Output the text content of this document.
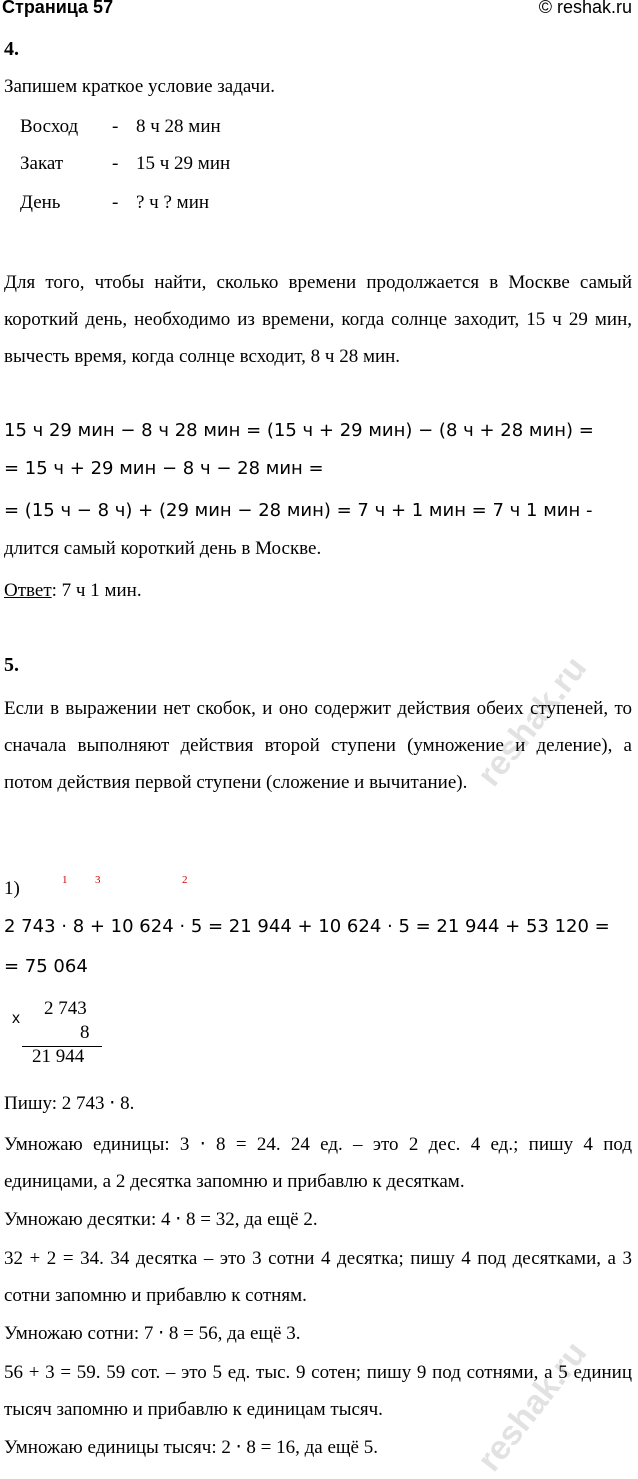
Страница 57	© reshak.ru
reshak.ru
reshak.ru
4.
Запишем краткое условие задачи.
Восход - 8 ч 28 мин
Закат	- 15 ч 29 мин
День	- ? ч ? мин
Для того, чтобы найти, сколько времени продолжается в Москве самый короткий день, необходимо из времени, когда солнце заходит, 15 ч 29 мин, вычесть время, когда солнце всходит, 8 ч 28 мин.
15 ч 29 мин − 8 ч 28 мин = (15 ч + 29 мин) − (8 ч + 28 мин) =
= 15 ч + 29 мин − 8 ч − 28 мин =
= (15 ч − 8 ч) + (29 мин − 28 мин) = 7 ч + 1 мин = 7 ч 1 мин -
длится самый короткий день в Москве.
Ответ: 7 ч 1 мин.
5.
Если в выражении нет скобок, и оно содержит действия обеих ступеней, то сначала выполняют действия второй ступени (умножение и деление), а потом действия первой ступени (сложение и вычитание).
1)	1	3	2
2 743 ⋅ 8 + 10 624 ⋅ 5 = 21 944 + 10 624 ⋅ 5 = 21 944 + 53 120 =
= 75 064
x 2 743
8
21 944
Пишу: 2 743 ⋅ 8.
Умножаю единицы: 3 ⋅ 8 = 24. 24 ед. – это 2 дес. 4 ед.; пишу 4 под единицами, а 2 десятка запомню и прибавлю к десяткам.
Умножаю десятки: 4 ⋅ 8 = 32, да ещё 2.
32 + 2 = 34. 34 десятка – это 3 сотни 4 десятка; пишу 4 под десятками, а 3 сотни запомню и прибавлю к сотням.
Умножаю сотни: 7 ⋅ 8 = 56, да ещё 3.
56 + 3 = 59. 59 сот. – это 5 ед. тыс. 9 сотен; пишу 9 под сотнями, а 5 единиц тысяч запомню и прибавлю к единицам тысяч.
Умножаю единицы тысяч: 2 ⋅ 8 = 16, да ещё 5.
